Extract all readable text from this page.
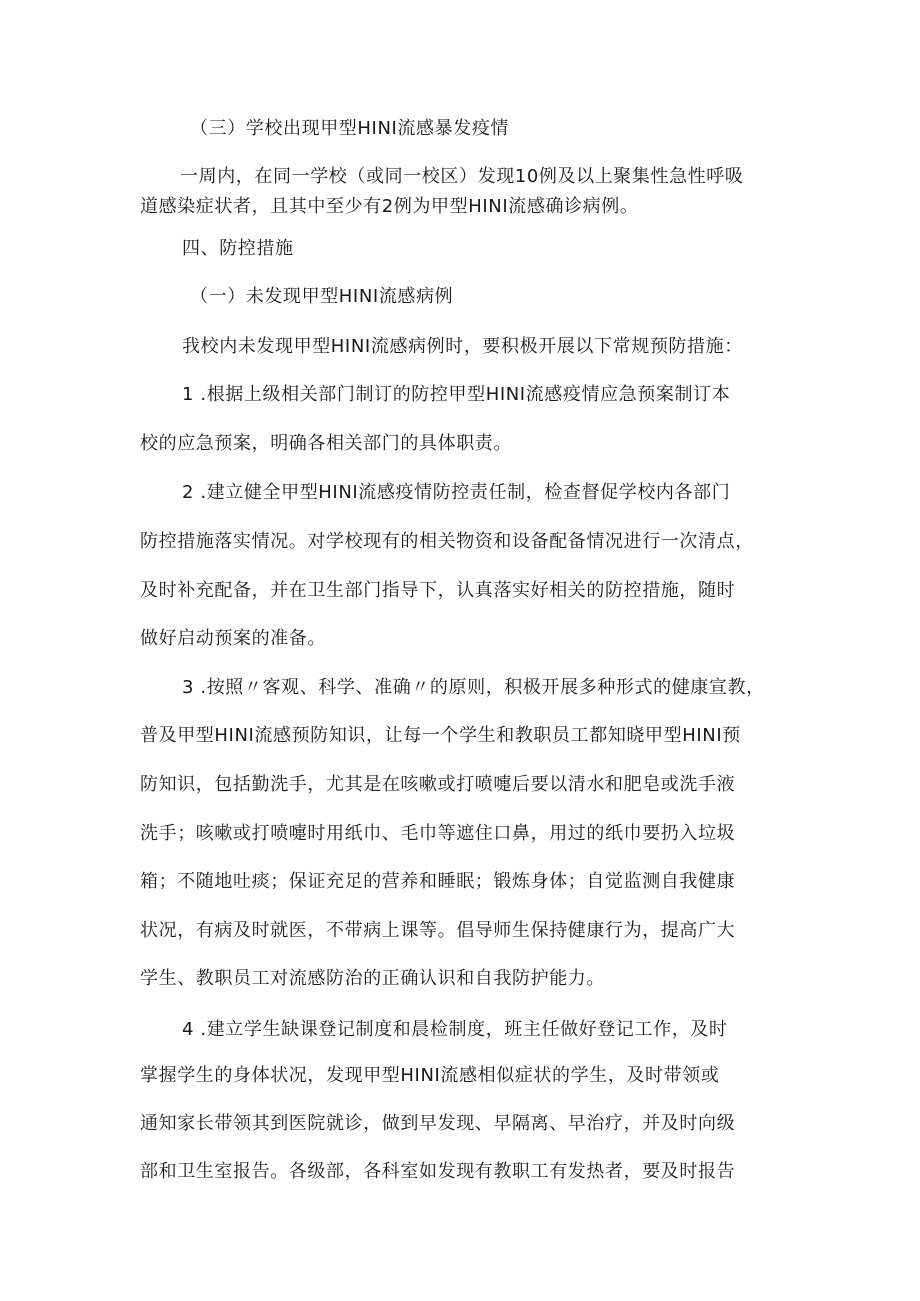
（三）学校出现甲型HINI流感暴发疫情
一周内，在同一学校（或同一校区）发现10例及以上聚集性急性呼吸
道感染症状者，且其中至少有2例为甲型HINI流感确诊病例。
四、防控措施
（一）未发现甲型HINI流感病例
我校内未发现甲型HINI流感病例时，要积极开展以下常规预防措施：
1 .根据上级相关部门制订的防控甲型HINI流感疫情应急预案制订本
校的应急预案，明确各相关部门的具体职责。
2 .建立健全甲型HINI流感疫情防控责任制，检查督促学校内各部门
防控措施落实情况。对学校现有的相关物资和设备配备情况进行一次清点，
及时补充配备，并在卫生部门指导下，认真落实好相关的防控措施，随时
做好启动预案的准备。
3 .按照〃客观、科学、准确〃的原则，积极开展多种形式的健康宣教，
普及甲型HINI流感预防知识，让每一个学生和教职员工都知晓甲型HINI预
防知识，包括勤洗手，尤其是在咳嗽或打喷嚏后要以清水和肥皂或洗手液
洗手；咳嗽或打喷嚏时用纸巾、毛巾等遮住口鼻，用过的纸巾要扔入垃圾
箱；不随地吐痰；保证充足的营养和睡眠；锻炼身体；自觉监测自我健康
状况，有病及时就医，不带病上课等。倡导师生保持健康行为，提高广大
学生、教职员工对流感防治的正确认识和自我防护能力。
4 .建立学生缺课登记制度和晨检制度，班主任做好登记工作，及时
掌握学生的身体状况，发现甲型HINI流感相似症状的学生，及时带领或
通知家长带领其到医院就诊，做到早发现、早隔离、早治疗，并及时向级
部和卫生室报告。各级部，各科室如发现有教职工有发热者，要及时报告
